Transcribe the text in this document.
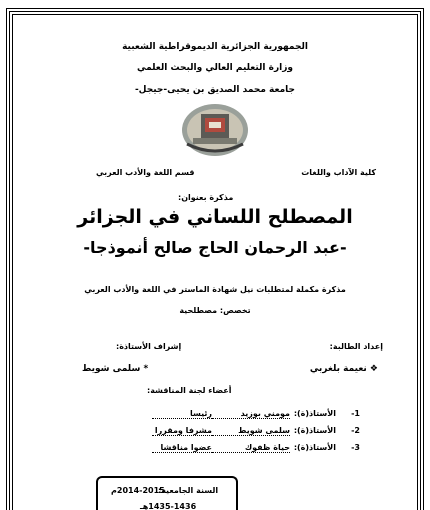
الجمهورية الجزائرية الديموقراطية الشعبية
وزارة التعليم العالي والبحث العلمي
جامعة محمد الصديق بن يحيى-جيجل-
كلية الآداب واللغات
قسم اللغة والأدب العربي
مذكرة بعنوان:
المصطلح اللساني في الجزائر
-عبد الرحمان الحاج صالح أنموذجا-
مذكرة مكملة لمتطلبات نيل شهادة الماستر في اللغة والأدب العربي
تخصص: مصطلحية
إعداد الطالبة:
إشراف الأستاذة:
❖ نعيمة بلغربي
* سلمى شويط
أعضاء لجنة المناقشة:
1-
الأستاذ(ة):
مومني بوزيد
رئيسا
2-
الأستاذ(ة):
سلمى شويط
مشرفا ومقررا
3-
الأستاذ(ة):
حياة ظفوك
عضوا مناقشا
السنة الجامعية:
2014-2015م
1435-1436هـ
